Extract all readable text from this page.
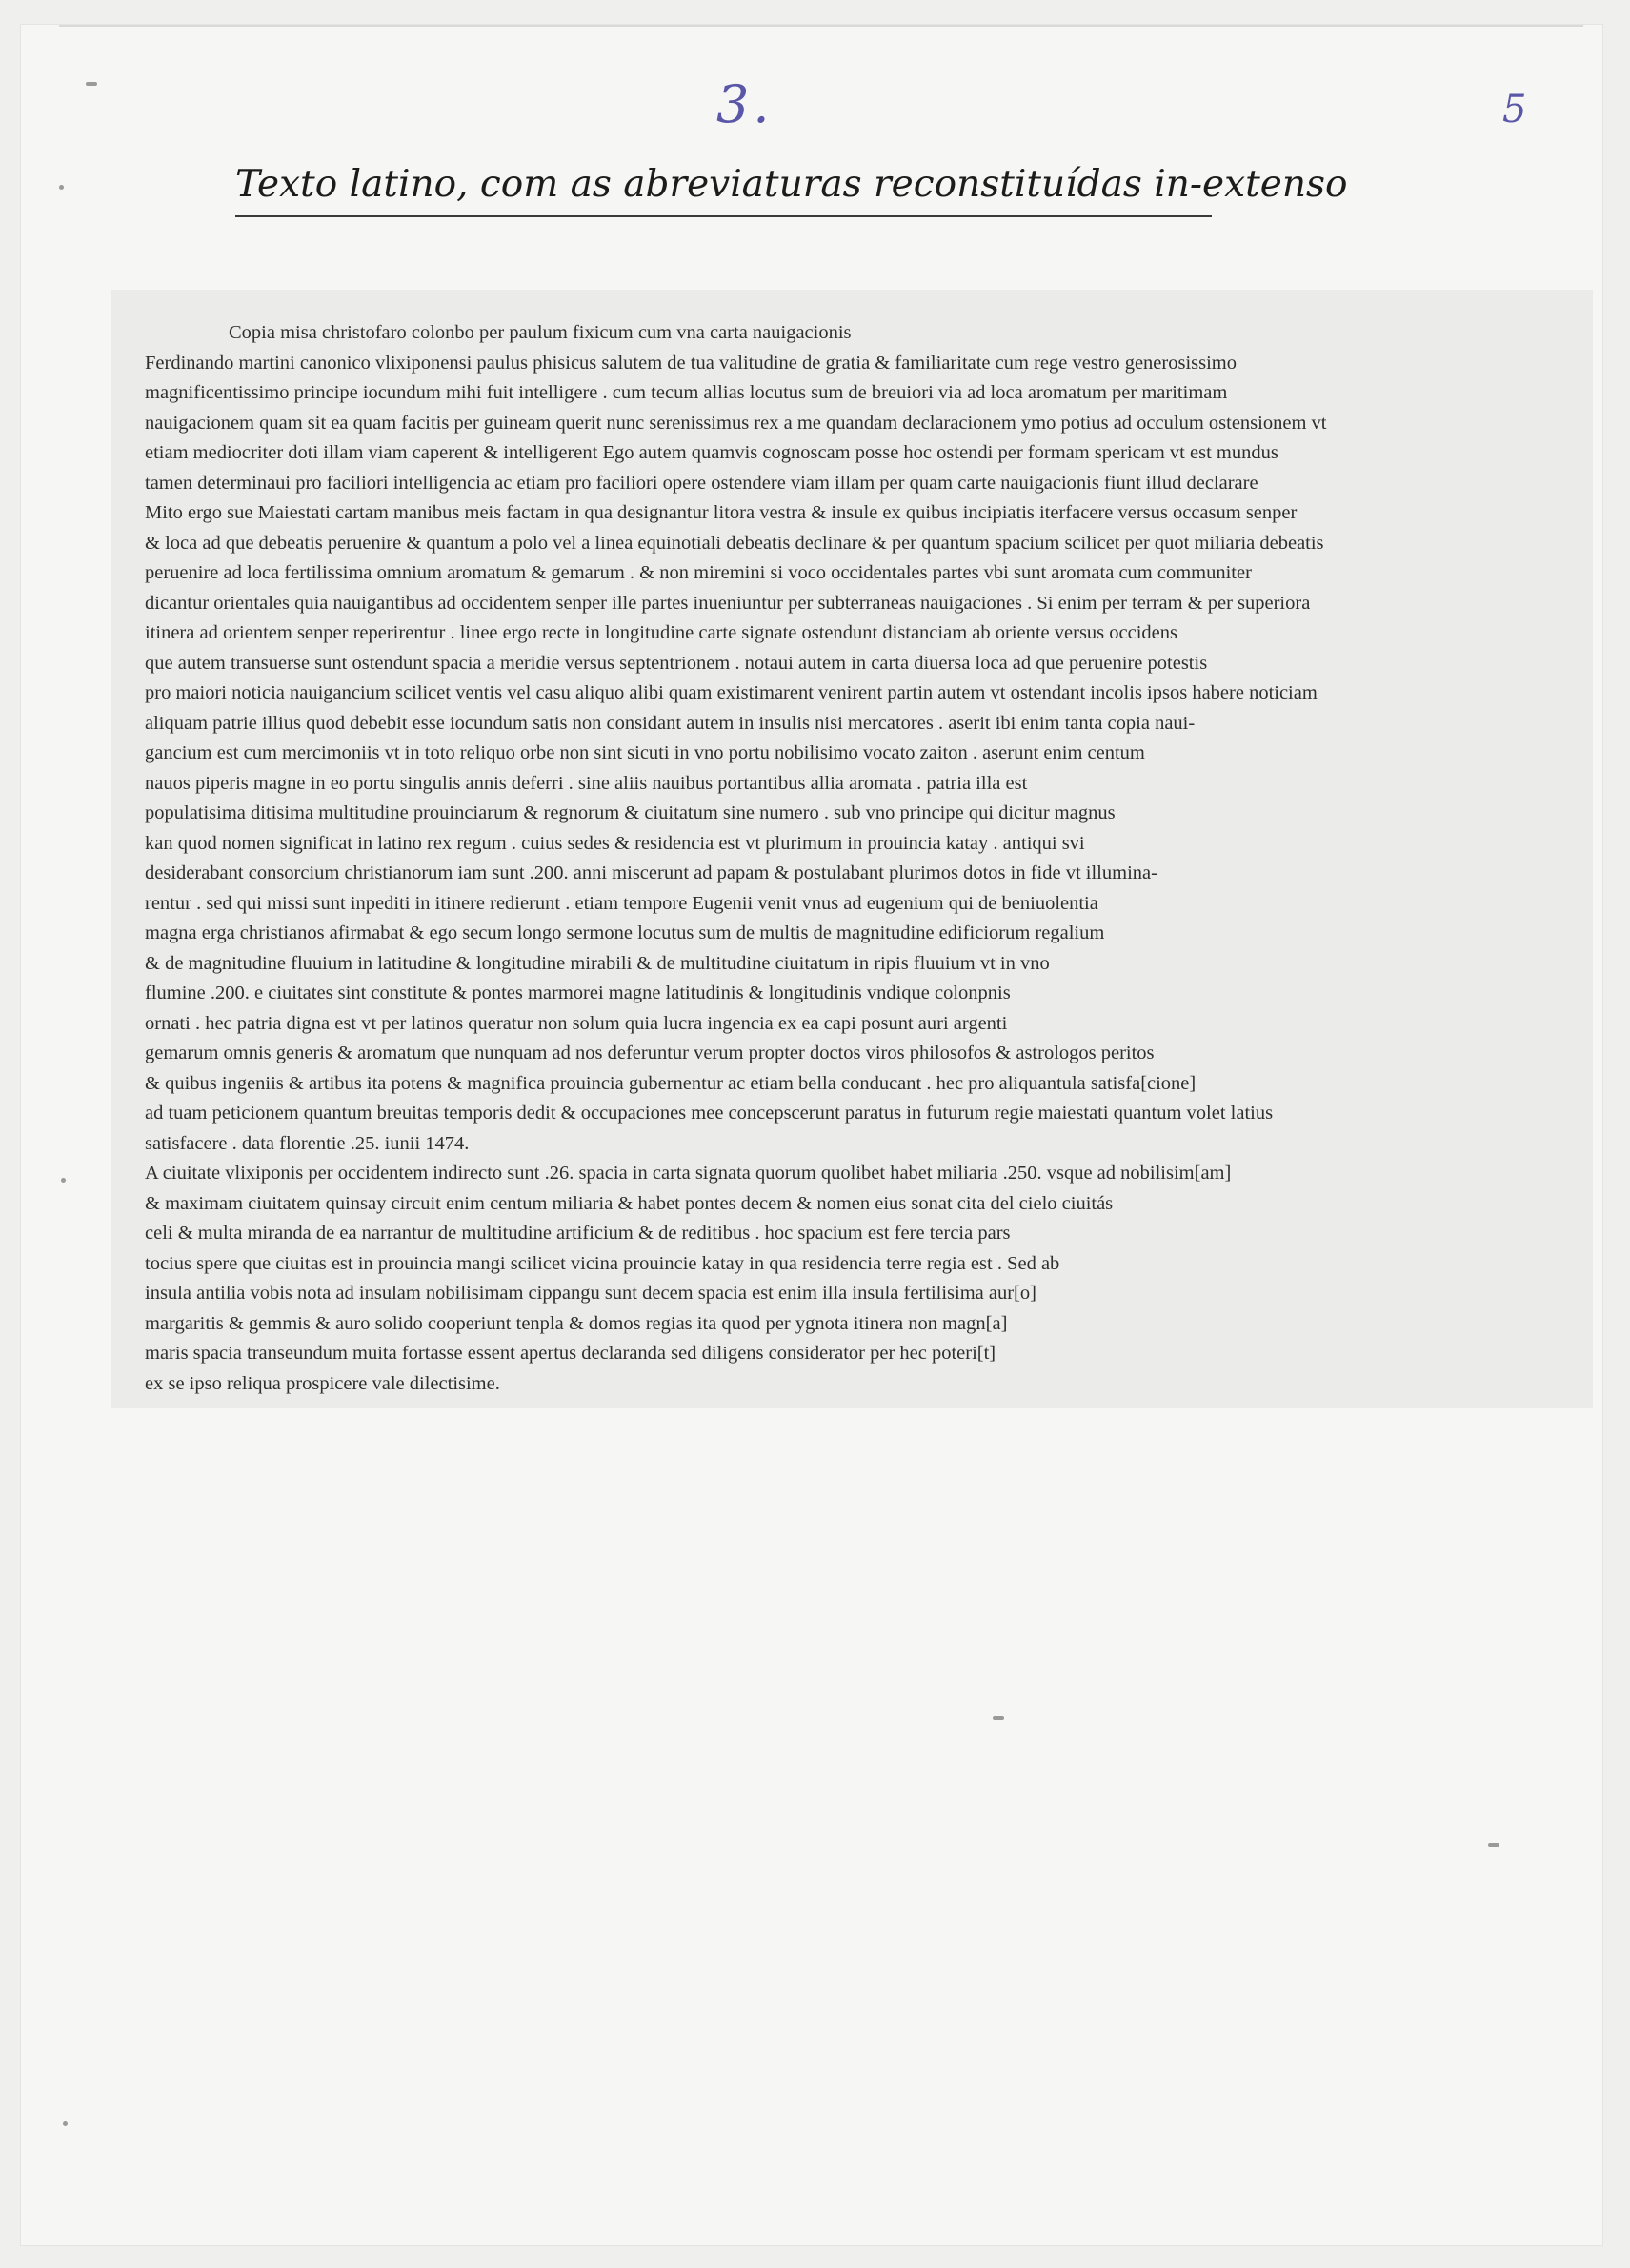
3.	5
Texto latino, com as abreviaturas reconstituídas in-extenso
Copia misa christofaro colonbo per paulum fixicum cum vna carta nauigacionis
Ferdinando martini canonico vlixiponensi paulus phisicus salutem de tua valitudine de gratia & familiaritate cum rege vestro generosissimo
magnificentissimo principe iocundum mihi fuit intelligere . cum tecum allias locutus sum de breuiori via ad loca aromatum per maritimam
nauigacionem quam sit ea quam facitis per guineam querit nunc serenissimus rex a me quandam declaracionem ymo potius ad occulum ostensionem vt
etiam mediocriter doti illam viam caperent & intelligerent Ego autem quamvis cognoscam posse hoc ostendi per formam spericam vt est mundus
tamen determinaui pro faciliori intelligencia ac etiam pro faciliori opere ostendere viam illam per quam carte nauigacionis fiunt illud declarare
Mito ergo sue Maiestati cartam manibus meis factam in qua designantur litora vestra & insule ex quibus incipiatis iterfacere versus occasum senper
& loca ad que debeatis peruenire & quantum a polo vel a linea equinotiali debeatis declinare & per quantum spacium scilicet per quot miliaria debeatis
peruenire ad loca fertilissima omnium aromatum & gemarum . & non miremini si voco occidentales partes vbi sunt aromata cum communiter
dicantur orientales quia nauigantibus ad occidentem senper ille partes inueniuntur per subterraneas nauigaciones . Si enim per terram & per superiora
itinera ad orientem senper reperirentur . linee ergo recte in longitudine carte signate ostendunt distanciam ab oriente versus occidens
que autem transuerse sunt ostendunt spacia a meridie versus septentrionem . notaui autem in carta diuersa loca ad que peruenire potestis
pro maiori noticia nauigancium scilicet ventis vel casu aliquo alibi quam existimarent venirent partin autem vt ostendant incolis ipsos habere noticiam
aliquam patrie illius quod debebit esse iocundum satis non considant autem in insulis nisi mercatores . aserit ibi enim tanta copia naui-
gancium est cum mercimoniis vt in toto reliquo orbe non sint sicuti in vno portu nobilisimo vocato zaiton . aserunt enim centum
nauos piperis magne in eo portu singulis annis deferri . sine aliis nauibus portantibus allia aromata . patria illa est
populatisima ditisima multitudine prouinciarum & regnorum & ciuitatum sine numero . sub vno principe qui dicitur magnus
kan quod nomen significat in latino rex regum . cuius sedes & residencia est vt plurimum in prouincia katay . antiqui svi
desiderabant consorcium christianorum iam sunt .200. anni miscerunt ad papam & postulabant plurimos dotos in fide vt illumina-
rentur . sed qui missi sunt inpediti in itinere redierunt . etiam tempore Eugenii venit vnus ad eugenium qui de beniuolentia
magna erga christianos afirmabat & ego secum longo sermone locutus sum de multis de magnitudine edificiorum regalium
& de magnitudine fluuium in latitudine & longitudine mirabili & de multitudine ciuitatum in ripis fluuium vt in vno
flumine .200. e ciuitates sint constitute & pontes marmorei magne latitudinis & longitudinis vndique colonpnis
ornati . hec patria digna est vt per latinos queratur non solum quia lucra ingencia ex ea capi posunt auri argenti
gemarum omnis generis & aromatum que nunquam ad nos deferuntur verum propter doctos viros philosofos & astrologos peritos
& quibus ingeniis & artibus ita potens & magnifica prouincia gubernentur ac etiam bella conducant . hec pro aliquantula satisfa[cione]
ad tuam peticionem quantum breuitas temporis dedit & occupaciones mee concepscerunt paratus in futurum regie maiestati quantum volet latius
satisfacere . data florentie .25. iunii 1474.
A ciuitate vlixiponis per occidentem indirecto sunt .26. spacia in carta signata quorum quolibet habet miliaria .250. vsque ad nobilisim[am]
& maximam ciuitatem quinsay circuit enim centum miliaria & habet pontes decem & nomen eius sonat cita del cielo ciuitás
celi & multa miranda de ea narrantur de multitudine artificium & de reditibus . hoc spacium est fere tercia pars
tocius spere que ciuitas est in prouincia mangi scilicet vicina prouincie katay in qua residencia terre regia est . Sed ab
insula antilia vobis nota ad insulam nobilisimam cippangu sunt decem spacia est enim illa insula fertilisima aur[o]
margaritis & gemmis & auro solido cooperiunt tenpla & domos regias ita quod per ygnota itinera non magn[a]
maris spacia transeundum muita fortasse essent apertus declaranda sed diligens considerator per hec poteri[t]
ex se ipso reliqua prospicere vale dilectisime.
